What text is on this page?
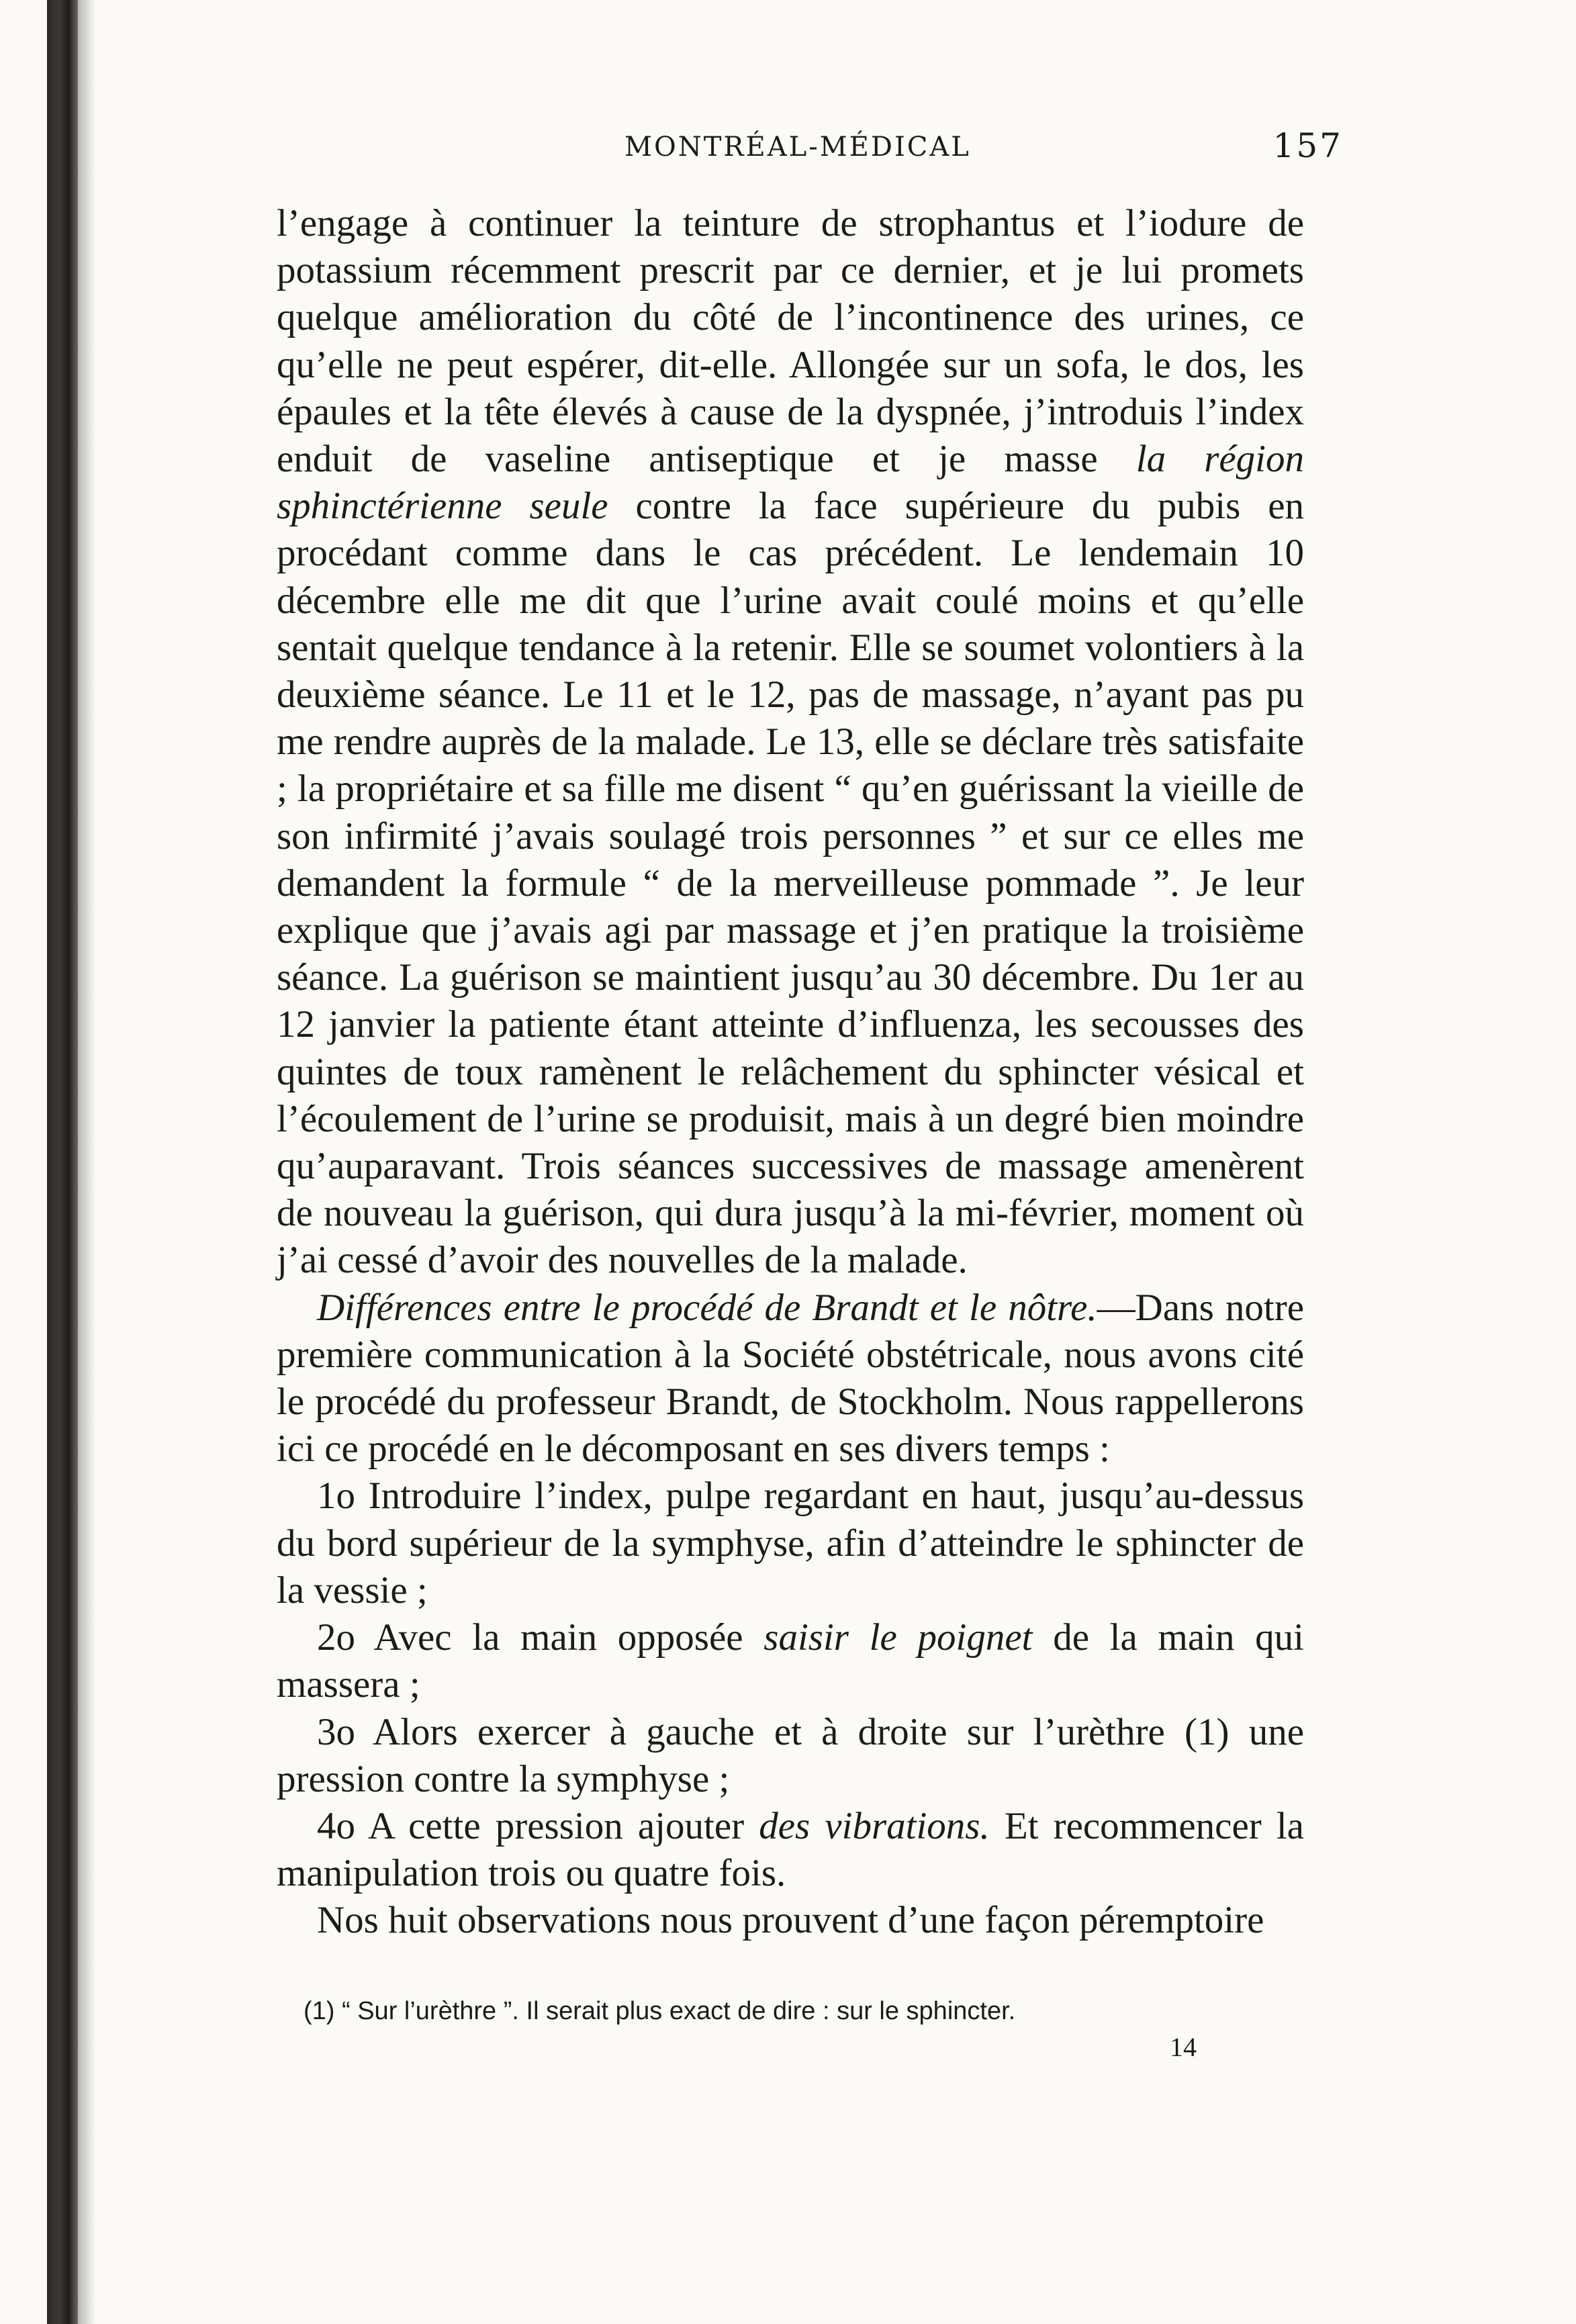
MONTRÉAL-MÉDICAL	157

l’engage à continuer la teinture de strophantus et l’iodure de potassium récemment prescrit par ce dernier, et je lui promets quelque amélioration du côté de l’incontinence des urines, ce qu’elle ne peut espérer, dit-elle. Allongée sur un sofa, le dos, les épaules et la tête élevés à cause de la dyspnée, j’introduis l’index enduit de vaseline antiseptique et je masse la région sphinctérienne seule contre la face supérieure du pubis en procédant comme dans le cas précédent. Le lendemain 10 décembre elle me dit que l’urine avait coulé moins et qu’elle sentait quelque tendance à la retenir. Elle se soumet volontiers à la deuxième séance. Le 11 et le 12, pas de massage, n’ayant pas pu me rendre auprès de la malade. Le 13, elle se déclare très satisfaite ; la propriétaire et sa fille me disent “ qu’en guérissant la vieille de son infirmité j’avais soulagé trois personnes ” et sur ce elles me demandent la formule “ de la merveilleuse pommade ”. Je leur explique que j’avais agi par massage et j’en pratique la troisième séance. La guérison se maintient jusqu’au 30 décembre. Du 1er au 12 janvier la patiente étant atteinte d’influenza, les secousses des quintes de toux ramènent le relâchement du sphincter vésical et l’écoulement de l’urine se produisit, mais à un degré bien moindre qu’auparavant. Trois séances successives de massage amenèrent de nouveau la guérison, qui dura jusqu’à la mi-février, moment où j’ai cessé d’avoir des nouvelles de la malade.

Différences entre le procédé de Brandt et le nôtre.—Dans notre première communication à la Société obstétricale, nous avons cité le procédé du professeur Brandt, de Stockholm. Nous rappellerons ici ce procédé en le décomposant en ses divers temps :

1o Introduire l’index, pulpe regardant en haut, jusqu’au-dessus du bord supérieur de la symphyse, afin d’atteindre le sphincter de la vessie ;

2o Avec la main opposée saisir le poignet de la main qui massera ;

3o Alors exercer à gauche et à droite sur l’urèthre (1) une pression contre la symphyse ;

4o A cette pression ajouter des vibrations. Et recommencer la manipulation trois ou quatre fois.

Nos huit observations nous prouvent d’une façon péremptoire

(1) “ Sur l’urèthre ”. Il serait plus exact de dire : sur le sphincter.
14
